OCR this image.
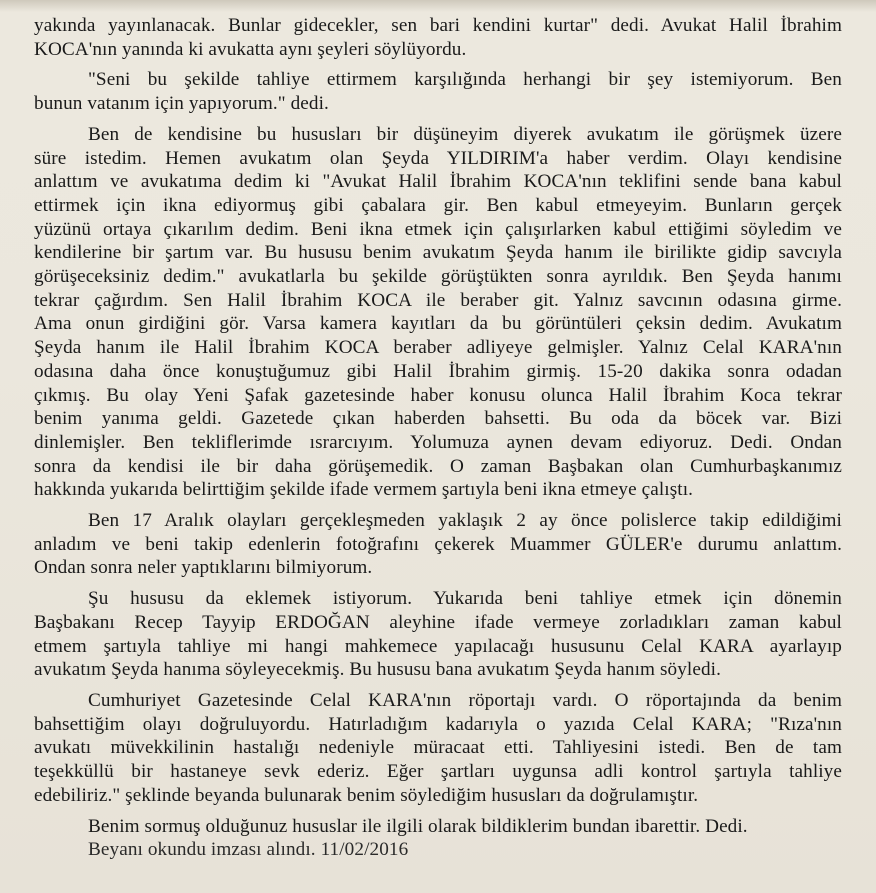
yakında yayınlanacak. Bunlar gidecekler, sen bari kendini kurtar" dedi. Avukat Halil İbrahim
KOCA'nın yanında ki avukatta aynı şeyleri söylüyordu.
"Seni bu şekilde tahliye ettirmem karşılığında herhangi bir şey istemiyorum. Ben
bunun vatanım için yapıyorum." dedi.
Ben de kendisine bu hususları bir düşüneyim diyerek avukatım ile görüşmek üzere
süre istedim. Hemen avukatım olan Şeyda YILDIRIM'a haber verdim. Olayı kendisine
anlattım ve avukatıma dedim ki "Avukat Halil İbrahim KOCA'nın teklifini sende bana kabul
ettirmek için ikna ediyormuş gibi çabalara gir. Ben kabul etmeyeyim. Bunların gerçek
yüzünü ortaya çıkarılım dedim. Beni ikna etmek için çalışırlarken kabul ettiğimi söyledim ve
kendilerine bir şartım var. Bu hususu benim avukatım Şeyda hanım ile birilikte gidip savcıyla
görüşeceksiniz dedim." avukatlarla bu şekilde görüştükten sonra ayrıldık. Ben Şeyda hanımı
tekrar çağırdım. Sen Halil İbrahim KOCA ile beraber git. Yalnız savcının odasına girme.
Ama onun girdiğini gör. Varsa kamera kayıtları da bu görüntüleri çeksin dedim. Avukatım
Şeyda hanım ile Halil İbrahim KOCA beraber adliyeye gelmişler. Yalnız Celal KARA'nın
odasına daha önce konuştuğumuz gibi Halil İbrahim girmiş. 15-20 dakika sonra odadan
çıkmış. Bu olay Yeni Şafak gazetesinde haber konusu olunca Halil İbrahim Koca tekrar
benim yanıma geldi. Gazetede çıkan haberden bahsetti. Bu oda da böcek var. Bizi
dinlemişler. Ben tekliflerimde ısrarcıyım. Yolumuza aynen devam ediyoruz. Dedi. Ondan
sonra da kendisi ile bir daha görüşemedik. O zaman Başbakan olan Cumhurbaşkanımız
hakkında yukarıda belirttiğim şekilde ifade vermem şartıyla beni ikna etmeye çalıştı.
Ben 17 Aralık olayları gerçekleşmeden yaklaşık 2 ay önce polislerce takip edildiğimi
anladım ve beni takip edenlerin fotoğrafını çekerek Muammer GÜLER'e durumu anlattım.
Ondan sonra neler yaptıklarını bilmiyorum.
Şu hususu da eklemek istiyorum. Yukarıda beni tahliye etmek için dönemin
Başbakanı Recep Tayyip ERDOĞAN aleyhine ifade vermeye zorladıkları zaman kabul
etmem şartıyla tahliye mi hangi mahkemece yapılacağı hususunu Celal KARA ayarlayıp
avukatım Şeyda hanıma söyleyecekmiş. Bu hususu bana avukatım Şeyda hanım söyledi.
Cumhuriyet Gazetesinde Celal KARA'nın röportajı vardı. O röportajında da benim
bahsettiğim olayı doğruluyordu. Hatırladığım kadarıyla o yazıda Celal KARA; "Rıza'nın
avukatı müvekkilinin hastalığı nedeniyle müracaat etti. Tahliyesini istedi. Ben de tam
teşekküllü bir hastaneye sevk ederiz. Eğer şartları uygunsa adli kontrol şartıyla tahliye
edebiliriz." şeklinde beyanda bulunarak benim söylediğim hususları da doğrulamıştır.
Benim sormuş olduğunuz hususlar ile ilgili olarak bildiklerim bundan ibarettir. Dedi.
Beyanı okundu imzası alındı. 11/02/2016
